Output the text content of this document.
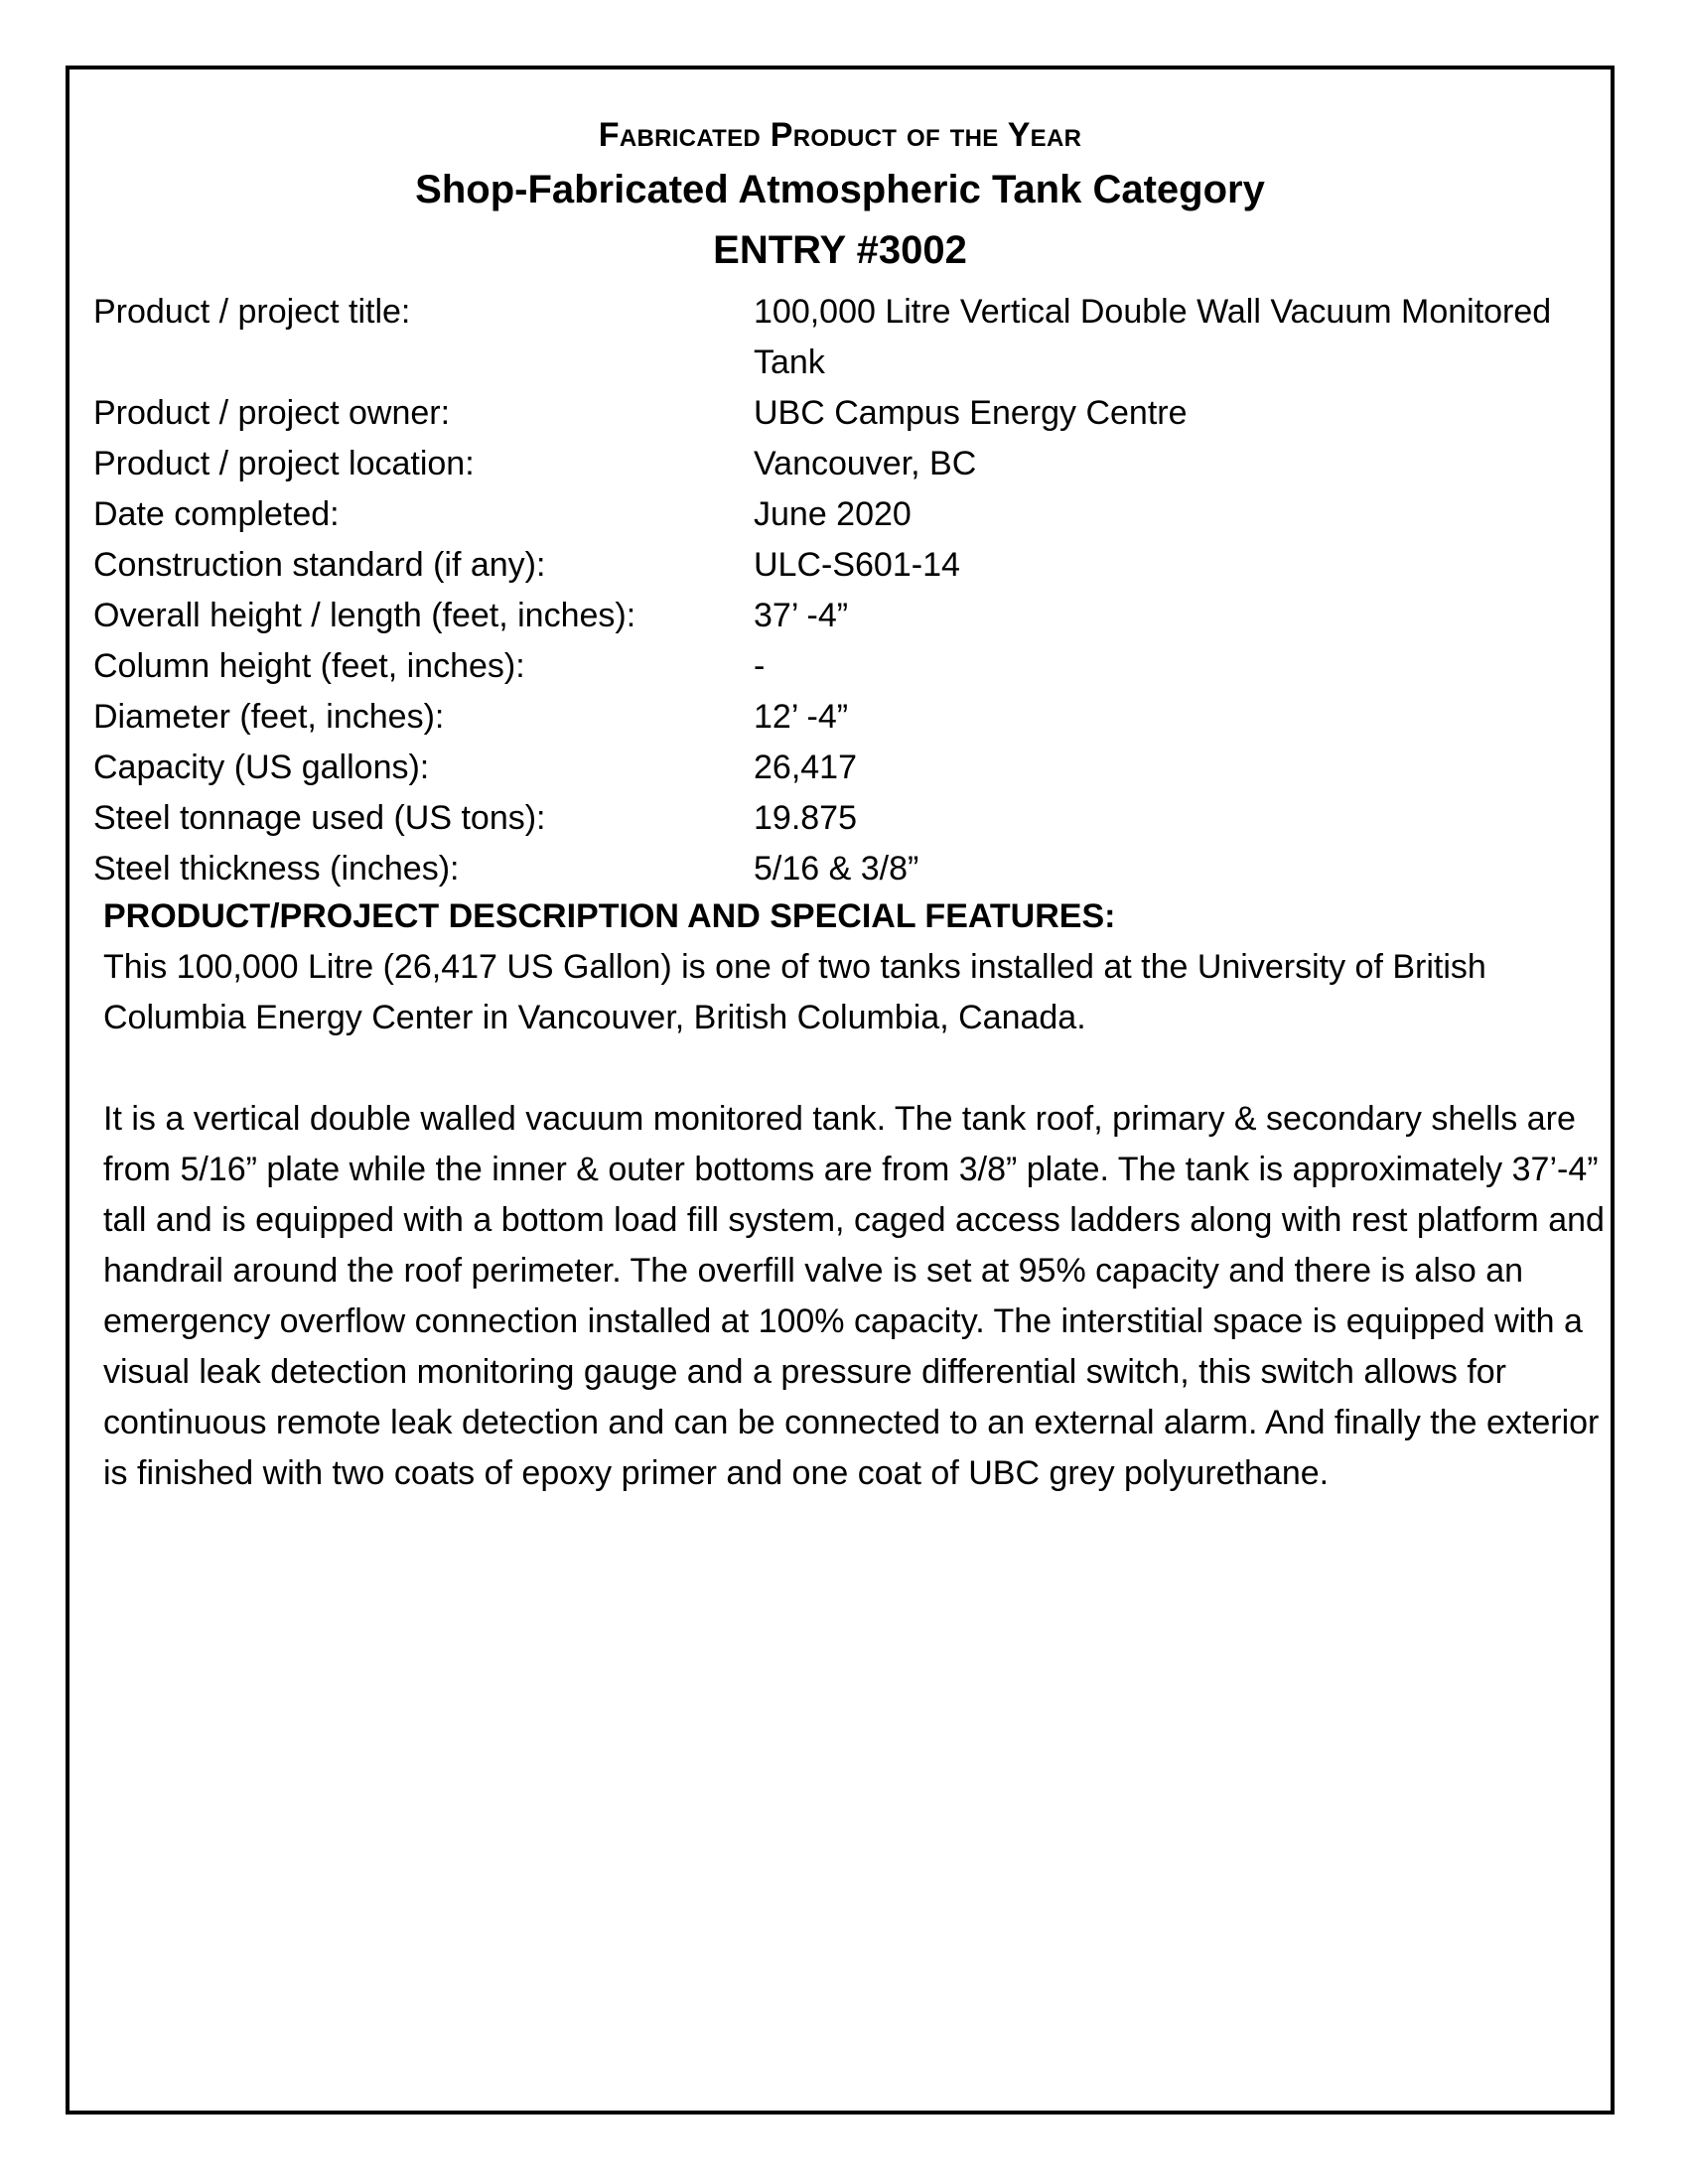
Fabricated Product of the Year
Shop-Fabricated Atmospheric Tank Category
ENTRY #3002
Product / project title:	100,000 Litre Vertical Double Wall Vacuum Monitored Tank
Product / project owner:	UBC Campus Energy Centre
Product / project location:	Vancouver, BC
Date completed:	June 2020
Construction standard (if any):	ULC-S601-14
Overall height / length (feet, inches):	37’ -4”
Column height (feet, inches):	-
Diameter (feet, inches):	12’ -4”
Capacity (US gallons):	26,417
Steel tonnage used (US tons):	19.875
Steel thickness (inches):	5/16 & 3/8”
PRODUCT/PROJECT DESCRIPTION AND SPECIAL FEATURES:

This 100,000 Litre (26,417 US Gallon) is one of two tanks installed at the University of British Columbia Energy Center in Vancouver, British Columbia, Canada.

It is a vertical double walled vacuum monitored tank. The tank roof, primary & secondary shells are from 5/16” plate while the inner & outer bottoms are from 3/8” plate. The tank is approximately 37’-4” tall and is equipped with a bottom load fill system, caged access ladders along with rest platform and handrail around the roof perimeter. The overfill valve is set at 95% capacity and there is also an emergency overflow connection installed at 100% capacity. The interstitial space is equipped with a visual leak detection monitoring gauge and a pressure differential switch, this switch allows for continuous remote leak detection and can be connected to an external alarm. And finally the exterior is finished with two coats of epoxy primer and one coat of UBC grey polyurethane.
